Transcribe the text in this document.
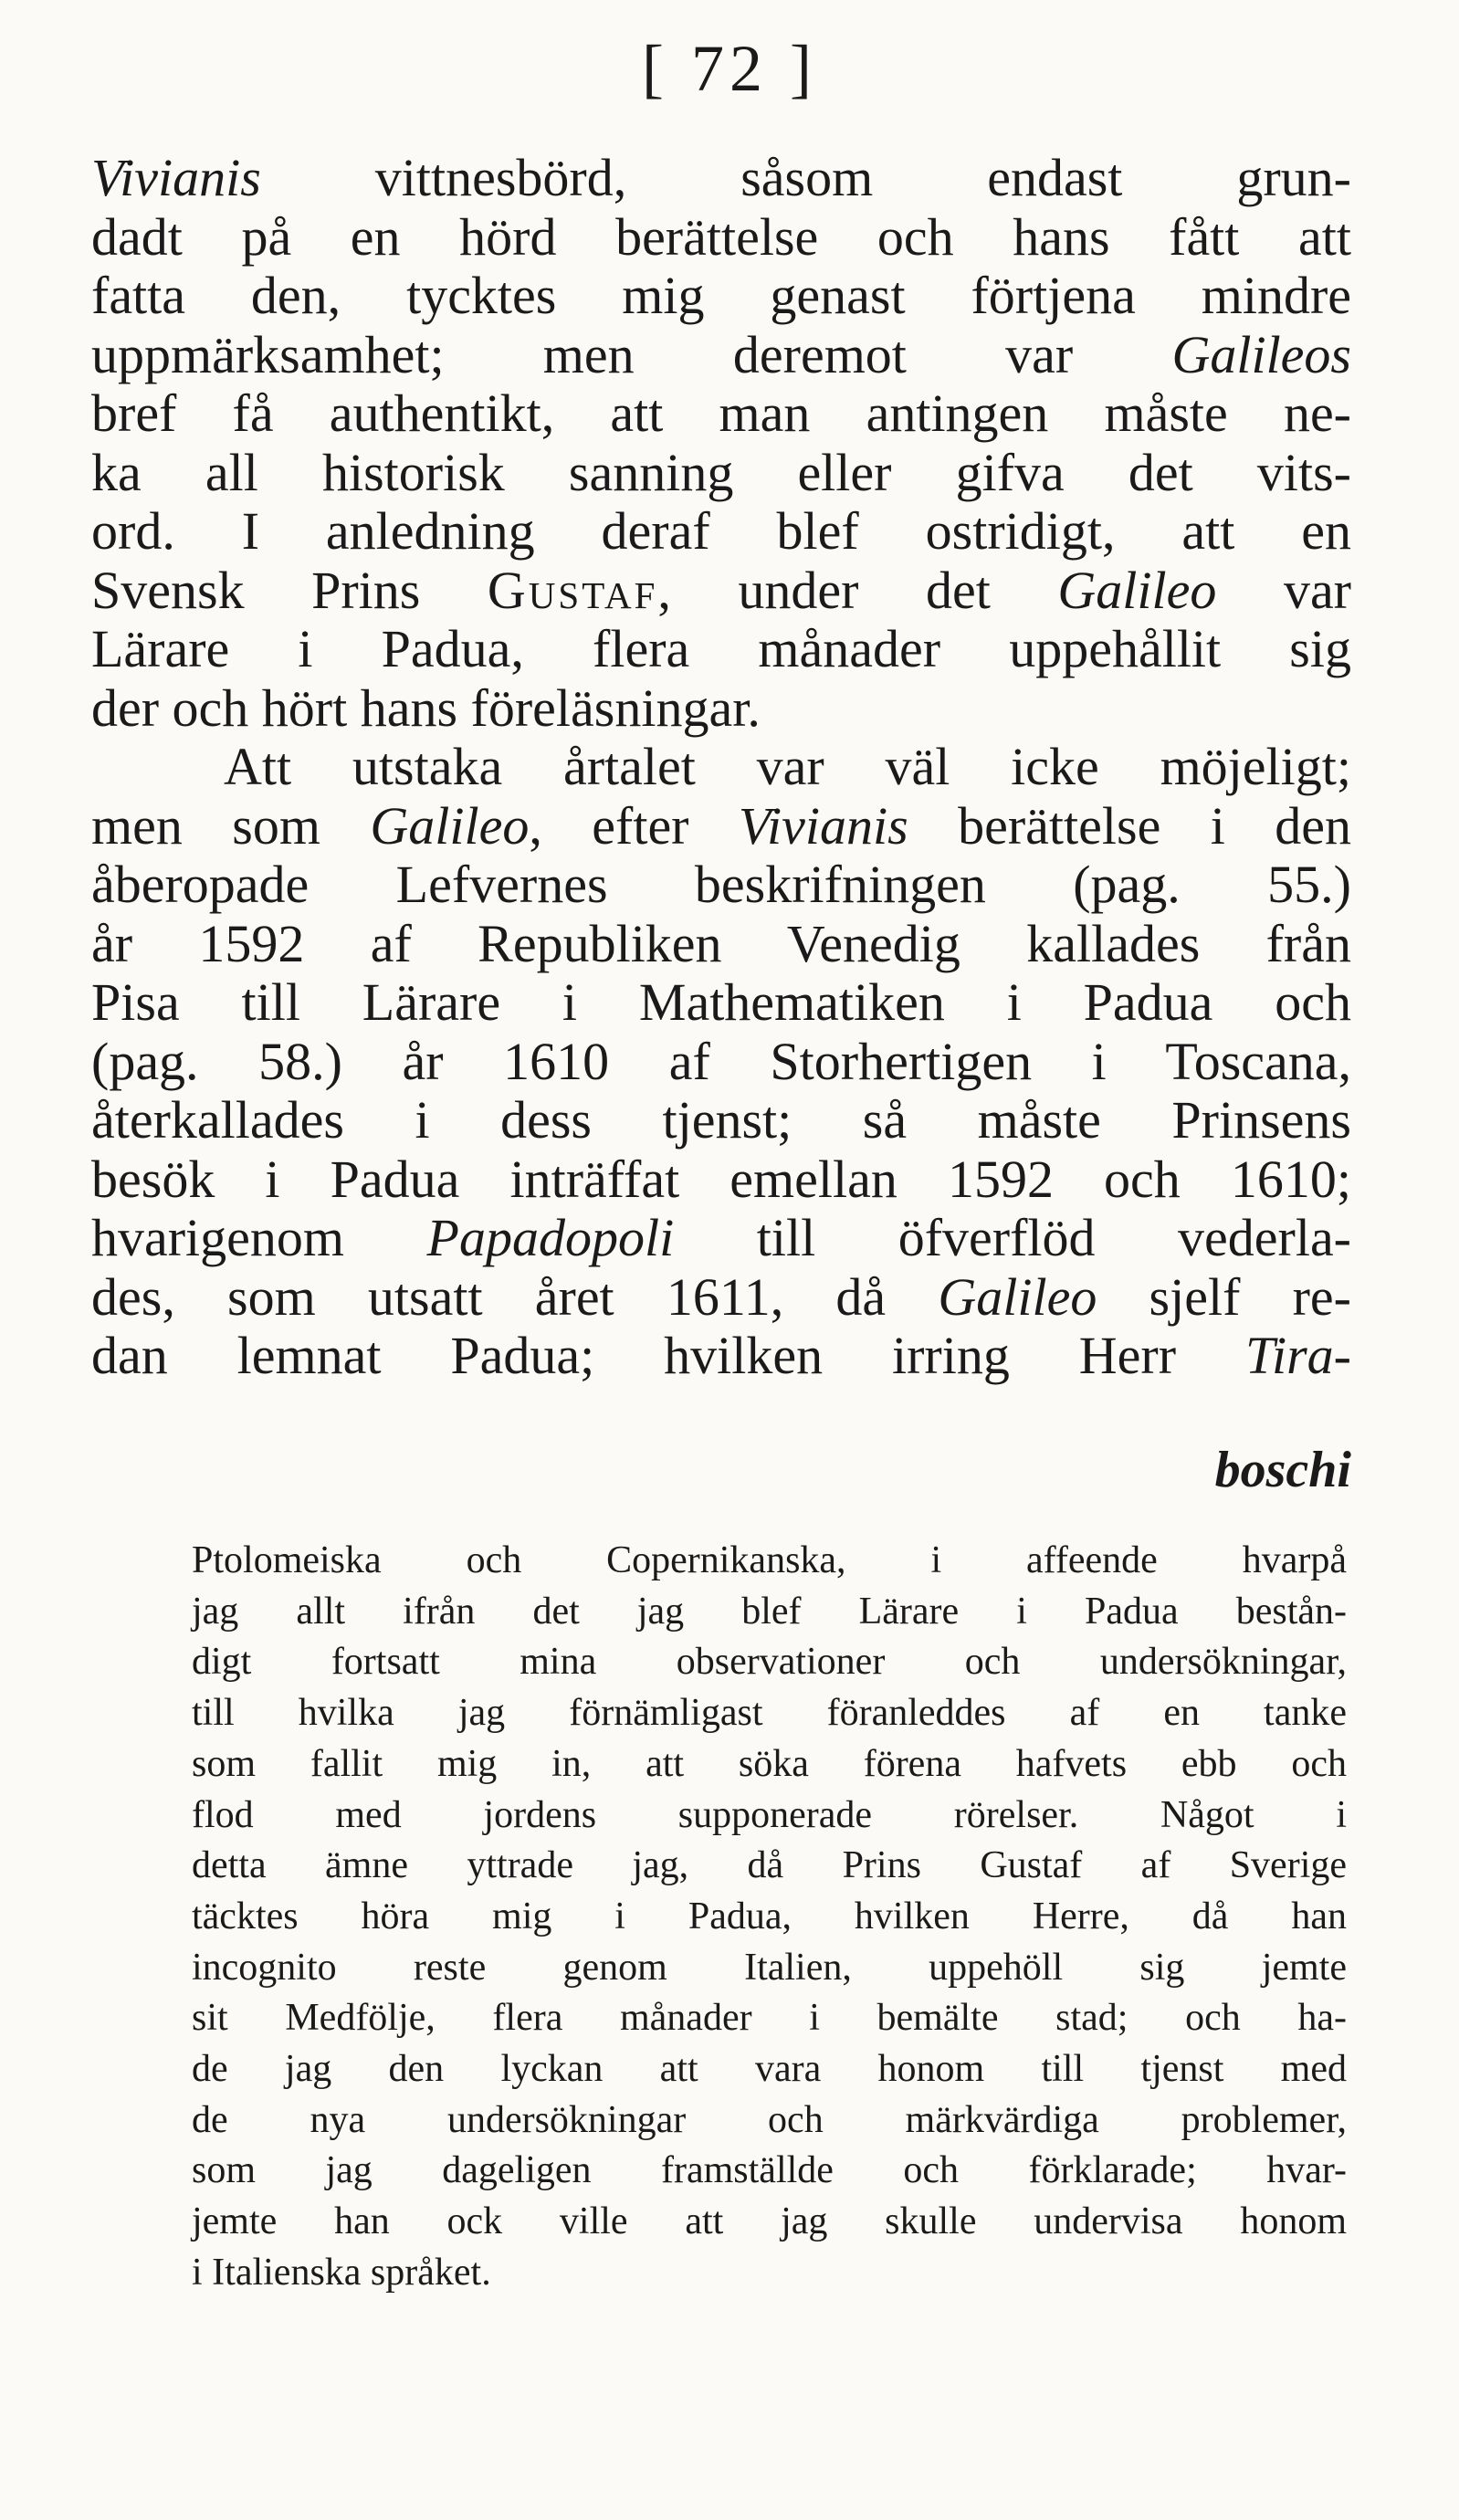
[ 72 ]
Vivianis vittnesbörd, såsom endast grun-
dadt på en hörd berättelse och hans fått att
fatta den, tycktes mig genast förtjena mindre
uppmärksamhet; men deremot var Galileos
bref få authentikt, att man antingen måste ne-
ka all historisk sanning eller gifva det vits-
ord. I anledning deraf blef ostridigt, att en
Svensk Prins Gustaf, under det Galileo var
Lärare i Padua, flera månader uppehållit sig
der och hört hans föreläsningar.
Att utstaka årtalet var väl icke möjeligt;
men som Galileo, efter Vivianis berättelse i den
åberopade Lefvernes beskrifningen (pag. 55.)
år 1592 af Republiken Venedig kallades från
Pisa till Lärare i Mathematiken i Padua och
(pag. 58.) år 1610 af Storhertigen i Toscana,
återkallades i dess tjenst; så måste Prinsens
besök i Padua inträffat emellan 1592 och 1610;
hvarigenom Papadopoli till öfverflöd vederla-
des, som utsatt året 1611, då Galileo sjelf re-
dan lemnat Padua; hvilken irring Herr Tira-
boschi
Ptolomeiska och Copernikanska, i affeende hvarpå
jag allt ifrån det jag blef Lärare i Padua bestån-
digt fortsatt mina observationer och undersökningar,
till hvilka jag förnämligast föranleddes af en tanke
som fallit mig in, att söka förena hafvets ebb och
flod med jordens supponerade rörelser. Något i
detta ämne yttrade jag, då Prins Gustaf af Sverige
täcktes höra mig i Padua, hvilken Herre, då han
incognito reste genom Italien, uppehöll sig jemte
sit Medfölje, flera månader i bemälte stad; och ha-
de jag den lyckan att vara honom till tjenst med
de nya undersökningar och märkvärdiga problemer,
som jag dageligen framställde och förklarade; hvar-
jemte han ock ville att jag skulle undervisa honom
i Italienska språket.
